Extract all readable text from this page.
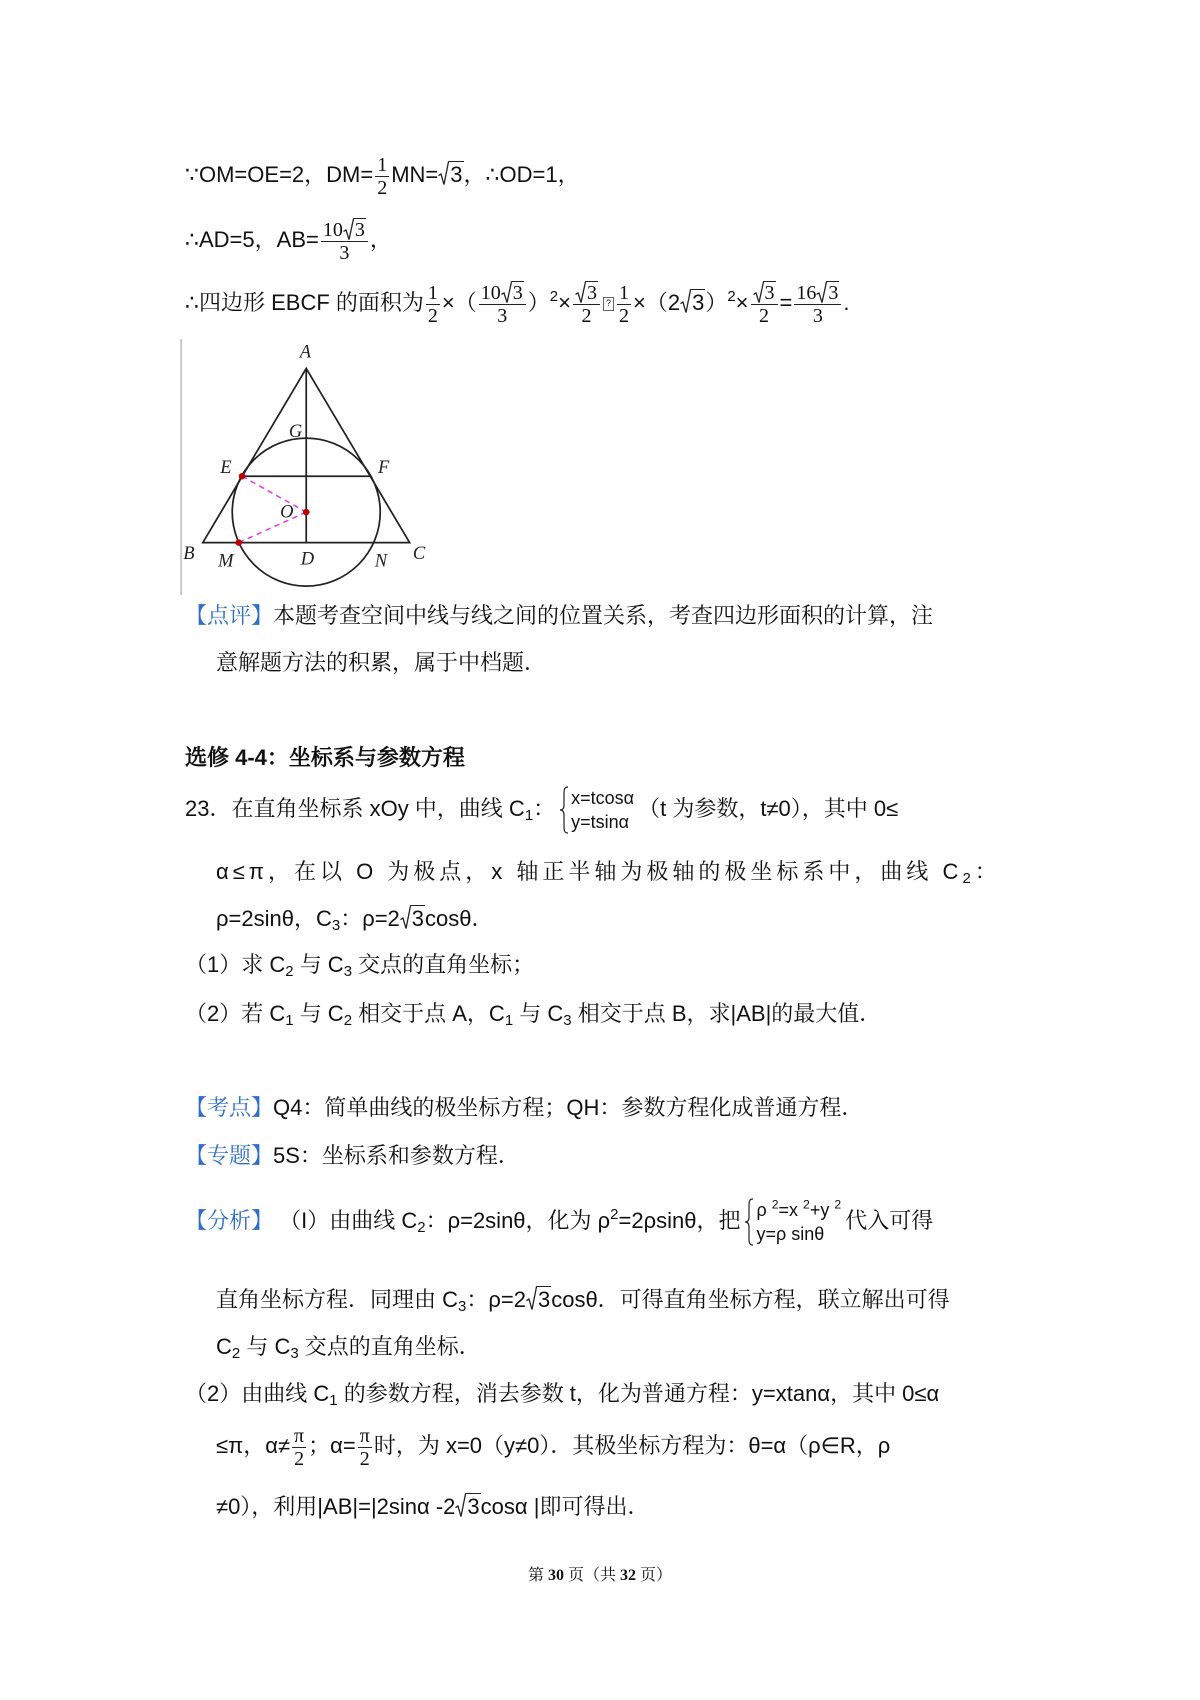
∵OM=OE=2，$DM= \frac{1}{2} MN= 3$，∴OD=1，
∴AD=5，$AB= \frac{10 3}{3}$ ，
∴四边形 EBCF 的面积为 $\frac{1}{2}$ ×（ $\frac{10 3}{3} )^2\times \frac{3}{2}$ ? $\frac{1}{2} \times(2$ $3)^2\times \frac{3}{2} = \frac{16 3}{3}$ .
A
G
E	F
O
B M	D	N C
【点评】本题考查空间中线与线之间的位置关系，考查四边形面积的计算，注
意解题方法的积累，属于中档题．
选修 4-4：坐标系与参数方程
23．在直角坐标系 xOy 中，曲线 $C_1$： x=tcosα
y=tsinα
（t 为参数，t≠0），其中 0≤
α≤π，在以 O 为极点，x 轴正半轴为极轴的极坐标系中，曲线 $C_2$：
ρ=2sinθ，$C_3$：ρ=2 3cosθ．
（1）求 $C_2$ 与 $C_3$ 交点的直角坐标；
（2）若 $C_1$ 与 $C_2$ 相交于点 A，$C_1$ 与 $C_3$ 相交于点 B，求|AB|的最大值．
【考点】Q4：简单曲线的极坐标方程；QH：参数方程化成普通方程．
【专题】5S：坐标系和参数方程．
【分析】 （I）由曲线 $C_2$：ρ=2sinθ，化为 $\rho^2=2\rho\sin\theta$，把 ρ $^2$=x $^2$+y $^2$
y=ρ sinθ
代入可得
直角坐标方程．同理由 $C_3$：ρ=2 3cosθ．可得直角坐标方程，联立解出可得
$C_2$ 与 $C_3$ 交点的直角坐标．
（2）由曲线 $C_1$ 的参数方程，消去参数 t，化为普通方程：y=xtanα，其中 0≤α
≤π，$\alpha\ne \frac{\pi}{2}$ ；$\alpha= \frac{\pi}{2}$ 时，为 x=0（y≠0）．其极坐标方程为：θ=α（ρ∈R，ρ
≠0），利用|AB|=|2sinα -2 3cosα |即可得出．
第 30 页（共 32 页）
